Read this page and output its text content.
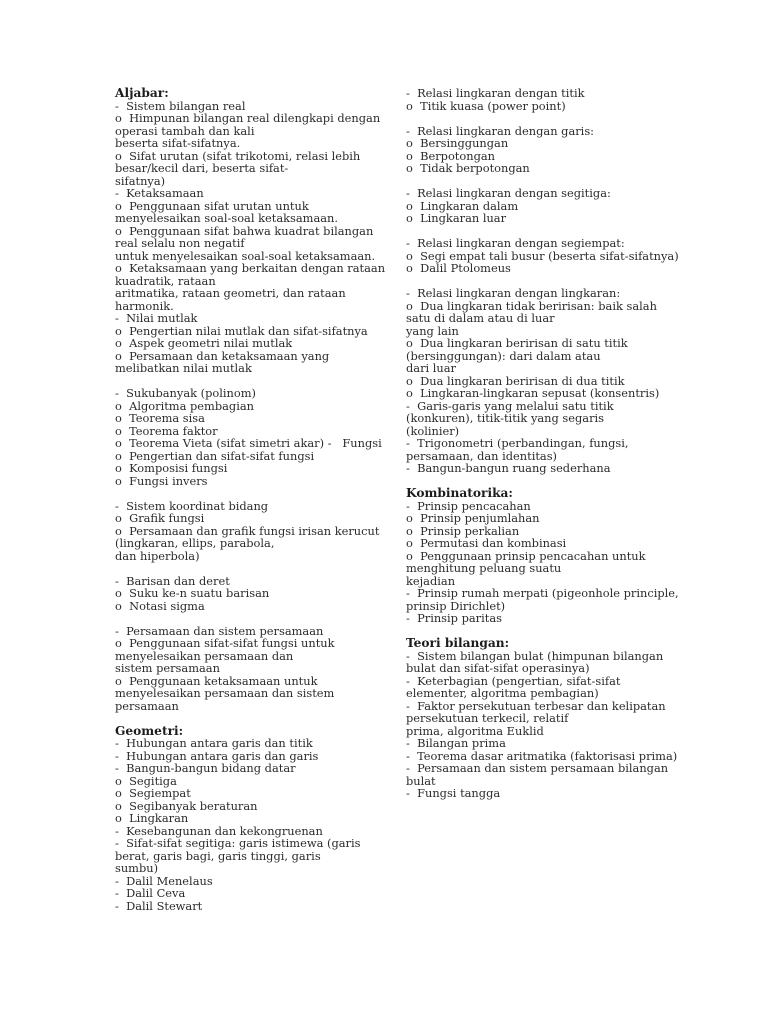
Aljabar:
-  Sistem bilangan real
o  Himpunan bilangan real dilengkapi dengan
operasi tambah dan kali
beserta sifat-sifatnya.
o  Sifat urutan (sifat trikotomi, relasi lebih
besar/kecil dari, beserta sifat-
sifatnya)
-  Ketaksamaan
o  Penggunaan sifat urutan untuk
menyelesaikan soal-soal ketaksamaan.
o  Penggunaan sifat bahwa kuadrat bilangan
real selalu non negatif
untuk menyelesaikan soal-soal ketaksamaan.
o  Ketaksamaan yang berkaitan dengan rataan
kuadratik, rataan
aritmatika, rataan geometri, dan rataan
harmonik.
-  Nilai mutlak
o  Pengertian nilai mutlak dan sifat-sifatnya
o  Aspek geometri nilai mutlak
o  Persamaan dan ketaksamaan yang
melibatkan nilai mutlak
-  Sukubanyak (polinom)
o  Algoritma pembagian
o  Teorema sisa
o  Teorema faktor
o  Teorema Vieta (sifat simetri akar) -   Fungsi
o  Pengertian dan sifat-sifat fungsi
o  Komposisi fungsi
o  Fungsi invers
-  Sistem koordinat bidang
o  Grafik fungsi
o  Persamaan dan grafik fungsi irisan kerucut
(lingkaran, ellips, parabola,
dan hiperbola)
-  Barisan dan deret
o  Suku ke-n suatu barisan
o  Notasi sigma
-  Persamaan dan sistem persamaan
o  Penggunaan sifat-sifat fungsi untuk
menyelesaikan persamaan dan
sistem persamaan
o  Penggunaan ketaksamaan untuk
menyelesaikan persamaan dan sistem
persamaan
Geometri:
-  Hubungan antara garis dan titik
-  Hubungan antara garis dan garis
-  Bangun-bangun bidang datar
o  Segitiga
o  Segiempat
o  Segibanyak beraturan
o  Lingkaran
-  Kesebangunan dan kekongruenan
-  Sifat-sifat segitiga: garis istimewa (garis
berat, garis bagi, garis tinggi, garis
sumbu)
-  Dalil Menelaus
-  Dalil Ceva
-  Dalil Stewart
-  Relasi lingkaran dengan titik
o  Titik kuasa (power point)
-  Relasi lingkaran dengan garis:
o  Bersinggungan
o  Berpotongan
o  Tidak berpotongan
-  Relasi lingkaran dengan segitiga:
o  Lingkaran dalam
o  Lingkaran luar
-  Relasi lingkaran dengan segiempat:
o  Segi empat tali busur (beserta sifat-sifatnya)
o  Dalil Ptolomeus
-  Relasi lingkaran dengan lingkaran:
o  Dua lingkaran tidak beririsan: baik salah
satu di dalam atau di luar
yang lain
o  Dua lingkaran beririsan di satu titik
(bersinggungan): dari dalam atau
dari luar
o  Dua lingkaran beririsan di dua titik
o  Lingkaran-lingkaran sepusat (konsentris)
-  Garis-garis yang melalui satu titik
(konkuren), titik-titik yang segaris
(kolinier)
-  Trigonometri (perbandingan, fungsi,
persamaan, dan identitas)
-  Bangun-bangun ruang sederhana
Kombinatorika:
-  Prinsip pencacahan
o  Prinsip penjumlahan
o  Prinsip perkalian
o  Permutasi dan kombinasi
o  Penggunaan prinsip pencacahan untuk
menghitung peluang suatu
kejadian
-  Prinsip rumah merpati (pigeonhole principle,
prinsip Dirichlet)
-  Prinsip paritas
Teori bilangan:
-  Sistem bilangan bulat (himpunan bilangan
bulat dan sifat-sifat operasinya)
-  Keterbagian (pengertian, sifat-sifat
elementer, algoritma pembagian)
-  Faktor persekutuan terbesar dan kelipatan
persekutuan terkecil, relatif
prima, algoritma Euklid
-  Bilangan prima
-  Teorema dasar aritmatika (faktorisasi prima)
-  Persamaan dan sistem persamaan bilangan
bulat
-  Fungsi tangga
